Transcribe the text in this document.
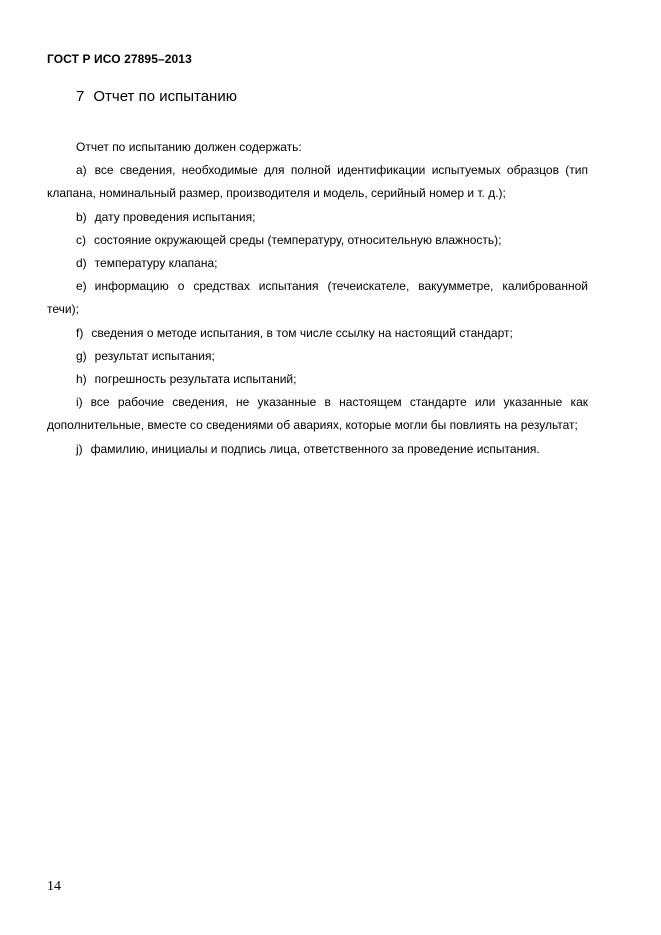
ГОСТ Р ИСО 27895–2013
7 Отчет по испытанию

Отчет по испытанию должен содержать:

a) все сведения, необходимые для полной идентификации испытуемых образцов (тип клапана, номинальный размер, производителя и модель, серийный номер и т. д.);

b) дату проведения испытания;

c) состояние окружающей среды (температуру, относительную влажность);

d) температуру клапана;

e) информацию о средствах испытания (течеискателе, вакуумметре, калиброванной течи);

f) сведения о методе испытания, в том числе ссылку на настоящий стандарт;

g) результат испытания;

h) погрешность результата испытаний;

i) все рабочие сведения, не указанные в настоящем стандарте или указанные как дополнительные, вместе со сведениями об авариях, которые могли бы повлиять на результат;

j) фамилию, инициалы и подпись лица, ответственного за проведение испытания.

14
